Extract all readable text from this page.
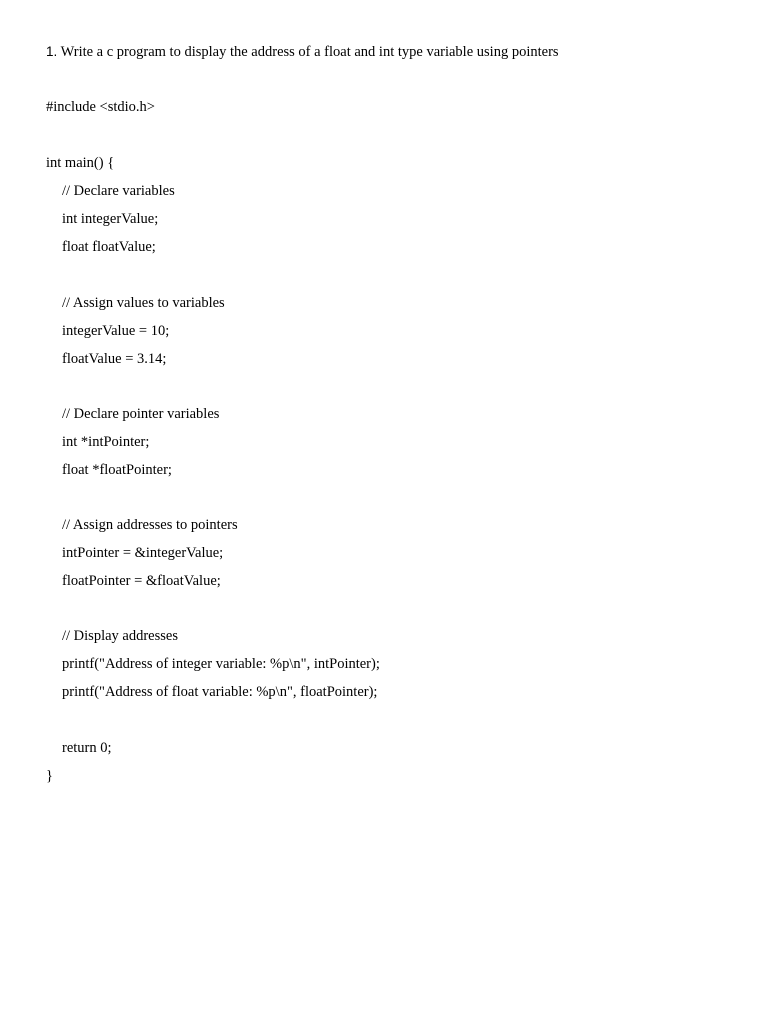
1. Write a c program to display the address of a float and int type variable using pointers
#include <stdio.h>
int main() {
// Declare variables
int integerValue;
float floatValue;
// Assign values to variables
integerValue = 10;
floatValue = 3.14;
// Declare pointer variables
int *intPointer;
float *floatPointer;
// Assign addresses to pointers
intPointer = &integerValue;
floatPointer = &floatValue;
// Display addresses
printf("Address of integer variable: %p\n", intPointer);
printf("Address of float variable: %p\n", floatPointer);
return 0;
}
